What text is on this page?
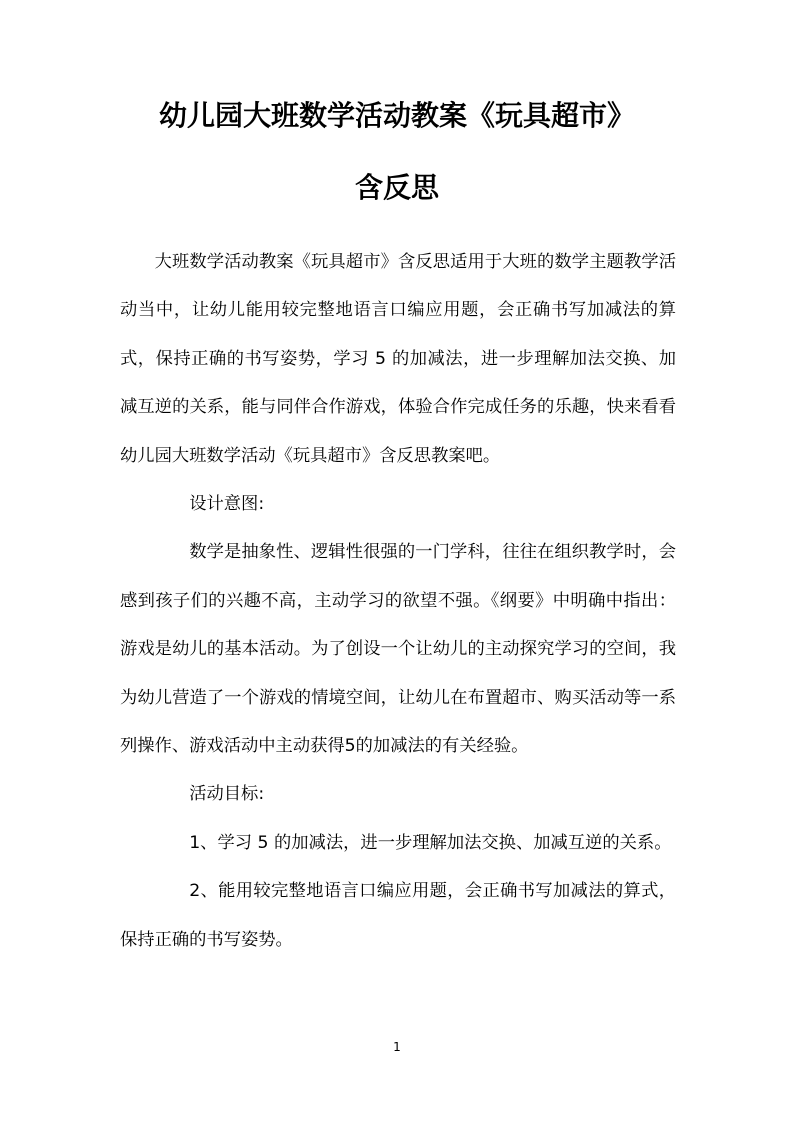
幼儿园大班数学活动教案《玩具超市》
含反思

大班数学活动教案《玩具超市》含反思适用于大班的数学主题教学活动当中，让幼儿能用较完整地语言口编应用题，会正确书写加减法的算式，保持正确的书写姿势，学习 5 的加减法，进一步理解加法交换、加减互逆的关系，能与同伴合作游戏，体验合作完成任务的乐趣，快来看看幼儿园大班数学活动《玩具超市》含反思教案吧。

设计意图:

数学是抽象性、逻辑性很强的一门学科，往往在组织教学时，会感到孩子们的兴趣不高，主动学习的欲望不强。《纲要》中明确中指出：游戏是幼儿的基本活动。为了创设一个让幼儿的主动探究学习的空间，我为幼儿营造了一个游戏的情境空间，让幼儿在布置超市、购买活动等一系列操作、游戏活动中主动获得5的加减法的有关经验。

活动目标:

1、学习 5 的加减法，进一步理解加法交换、加减互逆的关系。

2、能用较完整地语言口编应用题，会正确书写加减法的算式，保持正确的书写姿势。

1
